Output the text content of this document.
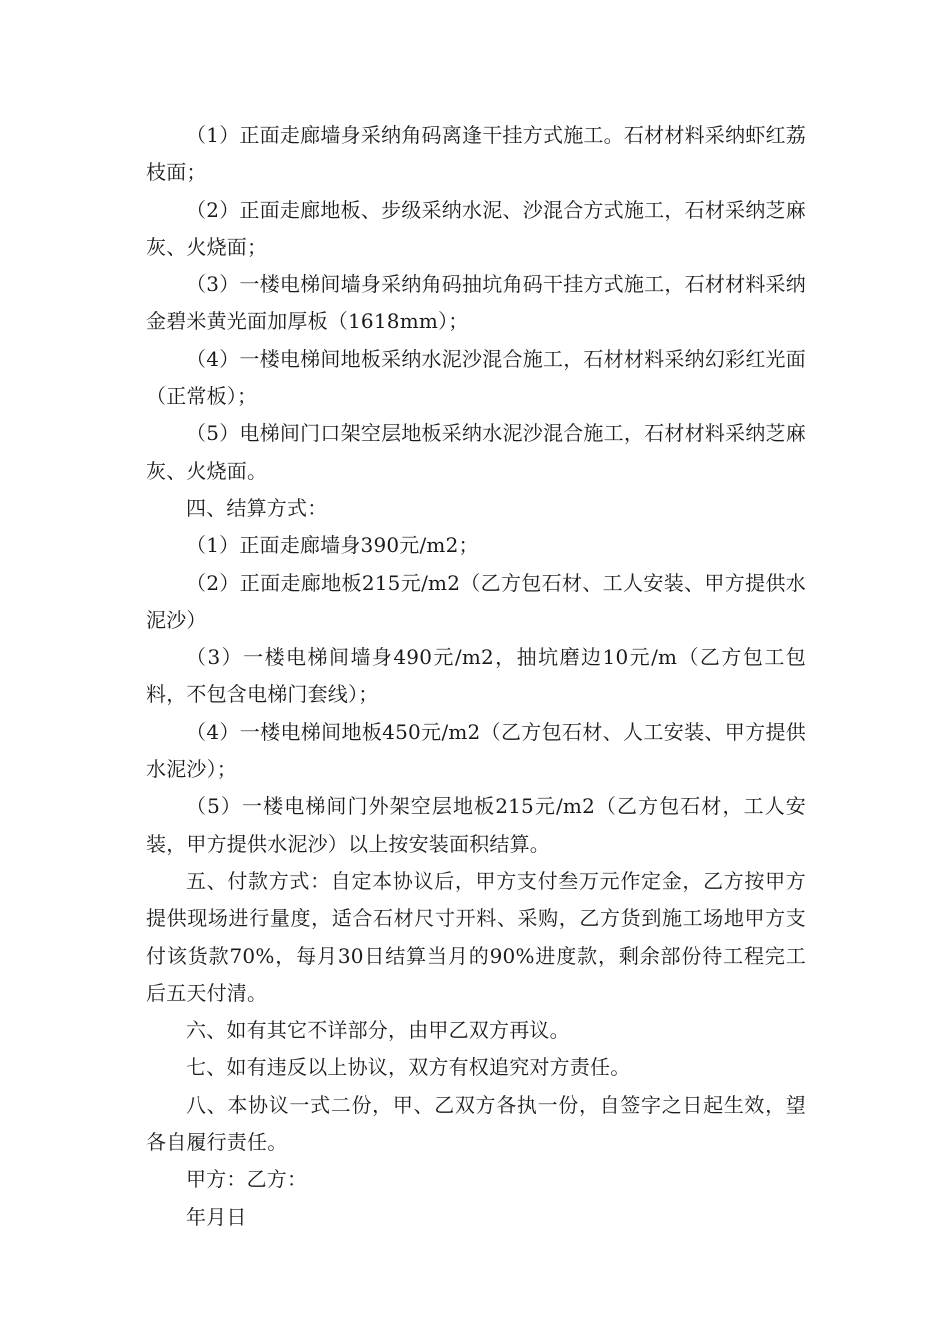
（1）正面走廊墙身采纳角码离逢干挂方式施工。石材材料采纳虾红荔枝面；

（2）正面走廊地板、步级采纳水泥、沙混合方式施工，石材采纳芝麻灰、火烧面；

（3）一楼电梯间墙身采纳角码抽坑角码干挂方式施工，石材材料采纳金碧米黄光面加厚板（1618mm）；

（4）一楼电梯间地板采纳水泥沙混合施工，石材材料采纳幻彩红光面（正常板）；

（5）电梯间门口架空层地板采纳水泥沙混合施工，石材材料采纳芝麻灰、火烧面。

四、结算方式：

（1）正面走廊墙身390元/m2；

（2）正面走廊地板215元/m2（乙方包石材、工人安装、甲方提供水泥沙）

（3）一楼电梯间墙身490元/m2，抽坑磨边10元/m（乙方包工包料，不包含电梯门套线）；

（4）一楼电梯间地板450元/m2（乙方包石材、人工安装、甲方提供水泥沙）；

（5）一楼电梯间门外架空层地板215元/m2（乙方包石材，工人安装，甲方提供水泥沙）以上按安装面积结算。

五、付款方式：自定本协议后，甲方支付叁万元作定金，乙方按甲方提供现场进行量度，适合石材尺寸开料、采购，乙方货到施工场地甲方支付该货款70%，每月30日结算当月的90%进度款，剩余部份待工程完工后五天付清。

六、如有其它不详部分，由甲乙双方再议。

七、如有违反以上协议，双方有权追究对方责任。

八、本协议一式二份，甲、乙双方各执一份，自签字之日起生效，望各自履行责任。

甲方：乙方：

年月日
